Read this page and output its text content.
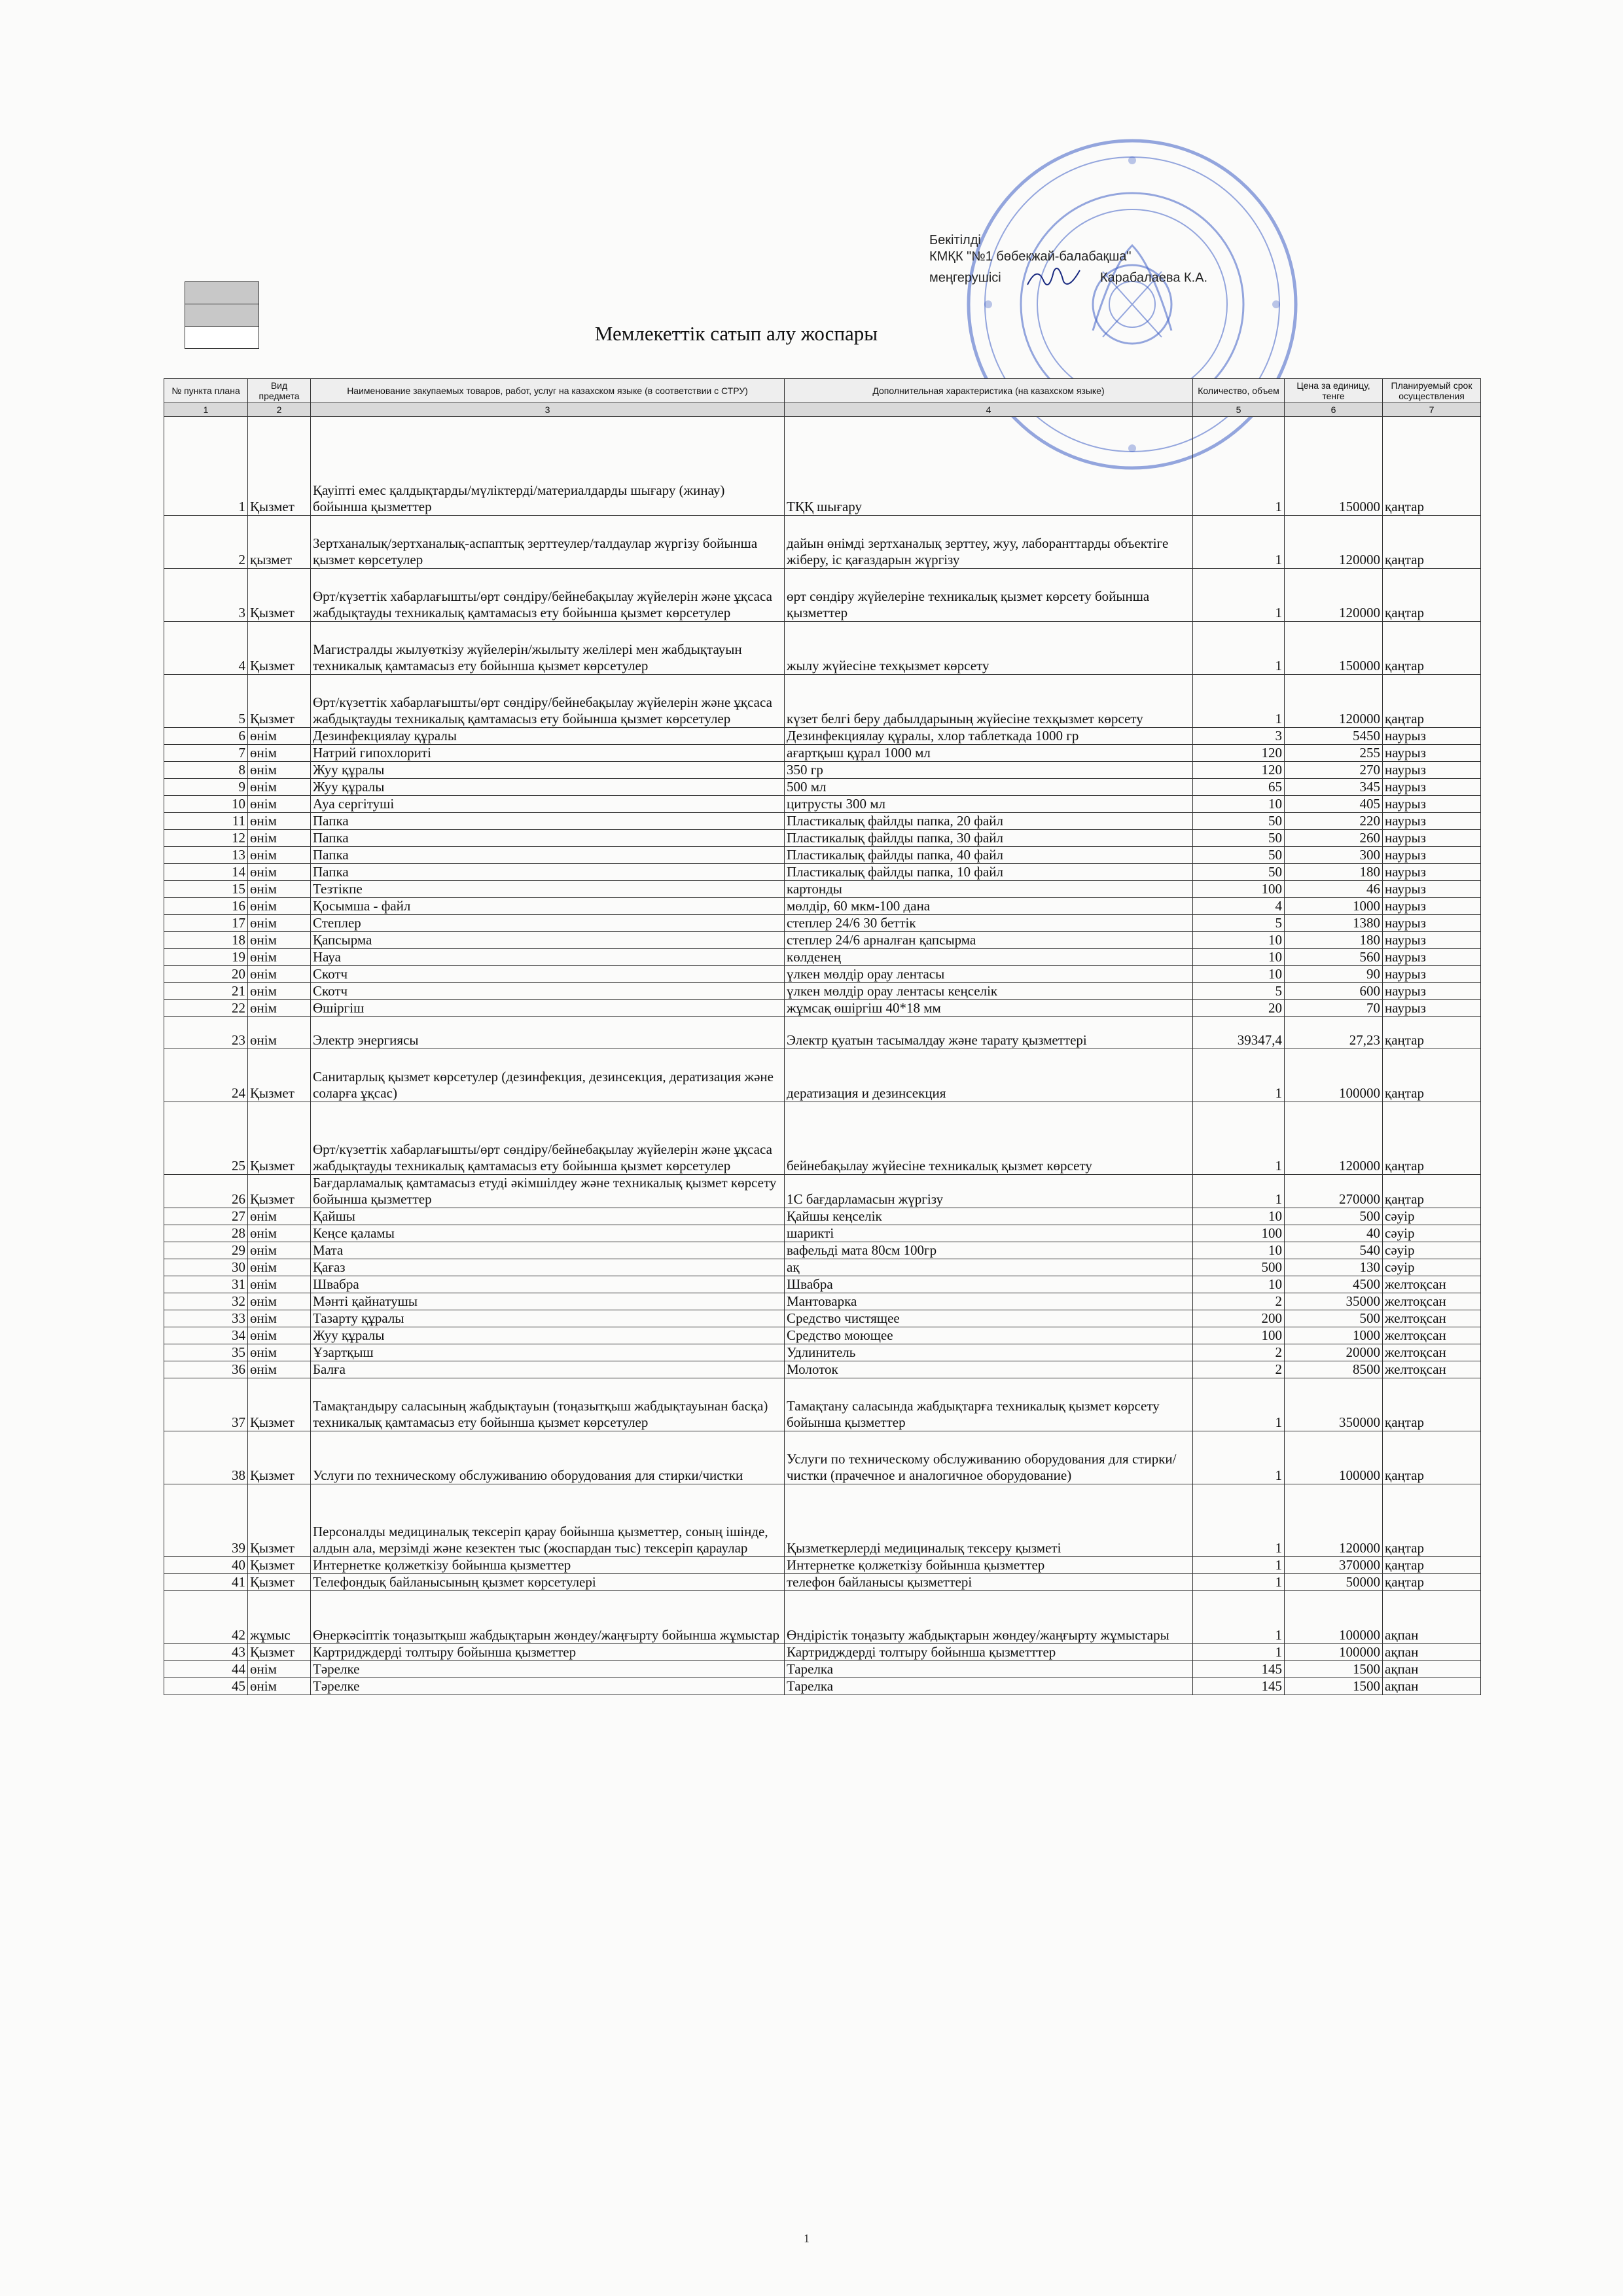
Бекітілді
КМҚК "№1 бөбекжай-балабақша"
меңгерушісі	Карабалаева К.А.
Мемлекеттік сатып алу жоспары
№ пункта плана	Вид предмета	Наименование закупаемых товаров, работ, услуг на казахском языке (в соответствии с СТРУ)	Дополнительная характеристика (на казахском языке)	Количество, объем	Цена за единицу, тенге	Планируемый срок осуществления
1	2	3	4	5	6	7
1	Қызмет	Қауіпті емес қалдықтарды/мүліктерді/материалдарды шығару (жинау) бойынша қызметтер	ТҚҚ шығару	1	150000	қаңтар
2	қызмет	Зертханалық/зертханалық-аспаптық зерттеулер/талдаулар жүргізу бойынша қызмет көрсетулер	дайын өнімді зертханалық зерттеу, жуу, лаборанттарды объектіге жіберу, іс қағаздарын жүргізу	1	120000	қаңтар
3	Қызмет	Өрт/күзеттік хабарлағышты/өрт сөндіру/бейнебақылау жүйелерін және ұқсаса жабдықтауды техникалық қамтамасыз ету бойынша қызмет көрсетулер	өрт сөндіру жүйелеріне техникалық қызмет көрсету бойынша қызметтер	1	120000	қаңтар
4	Қызмет	Магистралды жылуөткізу жүйелерін/жылыту желілері мен жабдықтауын техникалық қамтамасыз ету бойынша қызмет көрсетулер	жылу жүйесіне техқызмет көрсету	1	150000	қаңтар
5	Қызмет	Өрт/күзеттік хабарлағышты/өрт сөндіру/бейнебақылау жүйелерін және ұқсаса жабдықтауды техникалық қамтамасыз ету бойынша қызмет көрсетулер	күзет белгі беру дабылдарының жүйесіне техқызмет көрсету	1	120000	қаңтар
6	өнім	Дезинфекциялау құралы	Дезинфекциялау құралы, хлор таблеткада 1000 гр	3	5450	наурыз
7	өнім	Натрий гипохлориті	ағартқыш құрал 1000 мл	120	255	наурыз
8	өнім	Жуу құралы	350 гр	120	270	наурыз
9	өнім	Жуу құралы	500 мл	65	345	наурыз
10	өнім	Ауа сергітуші	цитрусты 300 мл	10	405	наурыз
11	өнім	Папка	Пластикалық файлды папка, 20 файл	50	220	наурыз
12	өнім	Папка	Пластикалық файлды папка, 30 файл	50	260	наурыз
13	өнім	Папка	Пластикалық файлды папка, 40 файл	50	300	наурыз
14	өнім	Папка	Пластикалық файлды папка, 10 файл	50	180	наурыз
15	өнім	Тезтікпе	картонды	100	46	наурыз
16	өнім	Қосымша - файл	мөлдір, 60 мкм-100 дана	4	1000	наурыз
17	өнім	Степлер	степлер 24/6 30 беттік	5	1380	наурыз
18	өнім	Қапсырма	степлер 24/6 арналған қапсырма	10	180	наурыз
19	өнім	Науа	көлденең	10	560	наурыз
20	өнім	Скотч	үлкен мөлдір орау лентасы	10	90	наурыз
21	өнім	Скотч	үлкен мөлдір орау лентасы кеңселік	5	600	наурыз
22	өнім	Өшіргіш	жұмсақ өшіргіш 40*18 мм	20	70	наурыз
23	өнім	Электр энергиясы	Электр қуатын тасымалдау және тарату қызметтері	39347,4	27,23	қаңтар
24	Қызмет	Санитарлық қызмет көрсетулер (дезинфекция, дезинсекция, дератизация және соларға ұқсас)	дератизация и дезинсекция	1	100000	қаңтар
25	Қызмет	Өрт/күзеттік хабарлағышты/өрт сөндіру/бейнебақылау жүйелерін және ұқсаса жабдықтауды техникалық қамтамасыз ету бойынша қызмет көрсетулер	бейнебақылау жүйесіне техникалық қызмет көрсету	1	120000	қаңтар
26	Қызмет	Бағдарламалық қамтамасыз етуді әкімшілдеу және техникалық қызмет көрсету бойынша қызметтер	1С бағдарламасын жүргізу	1	270000	қаңтар
27	өнім	Қайшы	Қайшы кеңселік	10	500	сәуір
28	өнім	Кеңсе қаламы	шарикті	100	40	сәуір
29	өнім	Мата	вафельді мата 80см 100гр	10	540	сәуір
30	өнім	Қағаз	ақ	500	130	сәуір
31	өнім	Швабра	Швабра	10	4500	желтоқсан
32	өнім	Мәнті қайнатушы	Мантоварка	2	35000	желтоқсан
33	өнім	Тазарту құралы	Средство чистящее	200	500	желтоқсан
34	өнім	Жуу құралы	Средство моющее	100	1000	желтоқсан
35	өнім	Ұзартқыш	Удлинитель	2	20000	желтоқсан
36	өнім	Балға	Молоток	2	8500	желтоқсан
37	Қызмет	Тамақтандыру саласының жабдықтауын (тоңазытқыш жабдықтауынан басқа) техникалық қамтамасыз ету бойынша қызмет көрсетулер	Тамақтану саласында жабдықтарға техникалық қызмет көрсету бойынша қызметтер	1	350000	қаңтар
38	Қызмет	Услуги по техническому обслуживанию оборудования для стирки/чистки	Услуги по техническому обслуживанию оборудования для стирки/чистки (прачечное и аналогичное оборудование)	1	100000	қаңтар
39	Қызмет	Персоналды медициналық тексеріп қарау бойынша қызметтер, соның ішінде, алдын ала, мерзімді және кезектен тыс (жоспардан тыс) тексеріп қараулар	Қызметкерлерді медициналық тексеру қызметі	1	120000	қаңтар
40	Қызмет	Интернетке қолжеткізу бойынша қызметтер	Интернетке қолжеткізу бойынша қызметтер	1	370000	қаңтар
41	Қызмет	Телефондық байланысының қызмет көрсетулері	телефон байланысы қызметтері	1	50000	қаңтар
42	жұмыс	Өнеркәсіптік тоңазытқыш жабдықтарын жөндеу/жаңғырту бойынша жұмыстар	Өндірістік тоңазыту жабдықтарын жөндеу/жаңғырту жұмыстары	1	100000	ақпан
43	Қызмет	Картридждерді толтыру бойынша қызметтер	Картридждерді толтыру бойынша қызметттер	1	100000	ақпан
44	өнім	Тәрелке	Тарелка	145	1500	ақпан
45	өнім	Тәрелке	Тарелка	145	1500	ақпан
1
